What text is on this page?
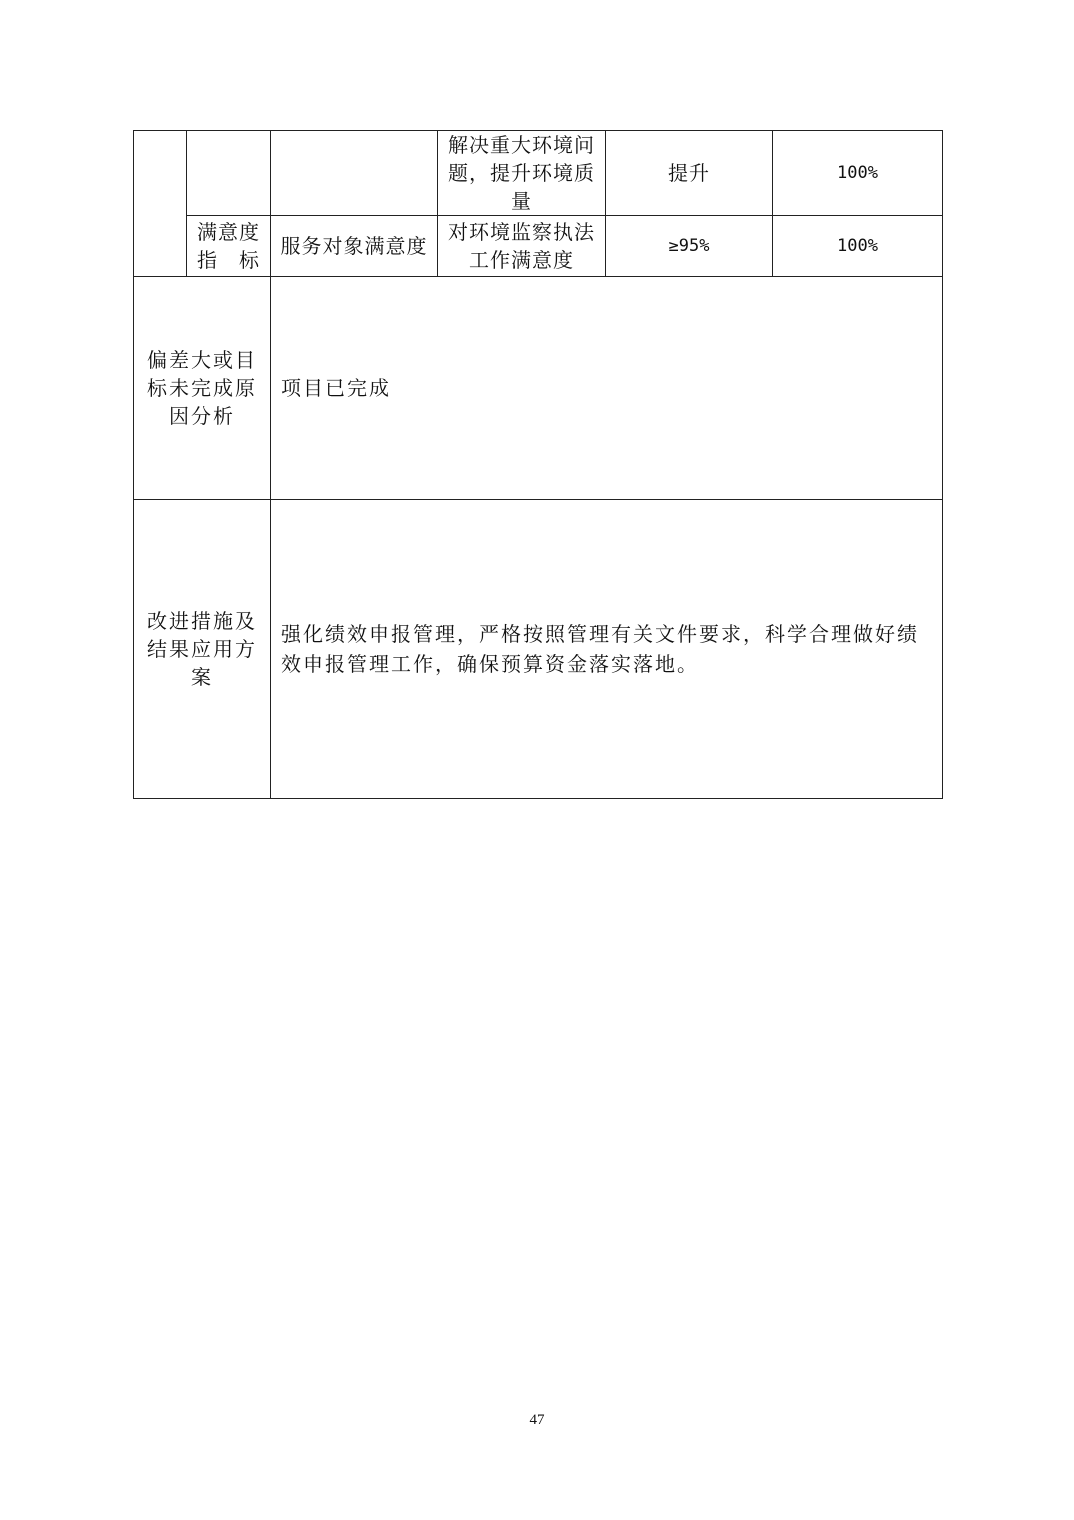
			解决重大环境问题，提升环境质量	提升	100%

	满意度指　标	服务对象满意度	对环境监察执法工作满意度	≥95%	100%

偏差大或目标未完成原因分析		项目已完成			

改进措施及结果应用方案		强化绩效申报管理，严格按照管理有关文件要求，科学合理做好绩效申报管理工作，确保预算资金落实落地。			
47
